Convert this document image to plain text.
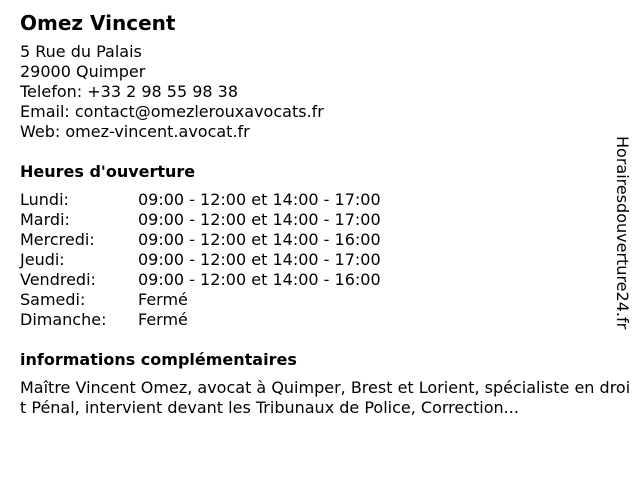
Omez Vincent
5 Rue du Palais
29000 Quimper
Telefon: +33 2 98 55 98 38
Email: contact@omezlerouxavocats.fr
Web: omez-vincent.avocat.fr
Heures d'ouverture
Lundi:	09:00 - 12:00 et 14:00 - 17:00
Mardi:	09:00 - 12:00 et 14:00 - 17:00
Mercredi:	09:00 - 12:00 et 14:00 - 16:00
Jeudi:	09:00 - 12:00 et 14:00 - 17:00
Vendredi:	09:00 - 12:00 et 14:00 - 16:00
Samedi:	Fermé
Dimanche:	Fermé
informations complémentaires
Maître Vincent Omez, avocat à Quimper, Brest et Lorient, spécialiste en droit Pénal, intervient devant les Tribunaux de Police, Correction...
Horairesdouverture24.fr
